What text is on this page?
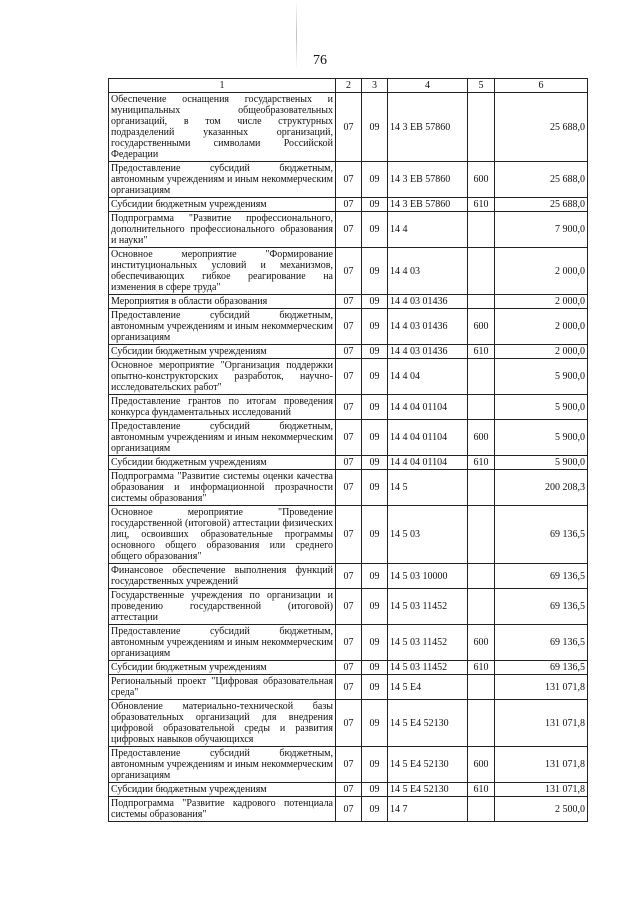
76
1	2	3	4	5	6
Обеспечение оснащения государственых и муниципальных общеобразовательных организаций, в том числе структурных подразделений указанных организаций, государственными символами Российской Федерации	07	09	14 3 ЕВ 57860		25 688,0
Предоставление субсидий бюджетным, автономным учреждениям и иным некоммерческим организациям	07	09	14 3 ЕВ 57860	600	25 688,0
Субсидии бюджетным учреждениям	07	09	14 3 ЕВ 57860	610	25 688,0
Подпрограмма "Развитие профессионального, дополнительного профессионального образования и науки"	07	09	14 4		7 900,0
Основное мероприятие "Формирование институциональных условий и механизмов, обеспечивающих гибкое реагирование на изменения в сфере труда"	07	09	14 4 03		2 000,0
Мероприятия в области образования	07	09	14 4 03 01436		2 000,0
Предоставление субсидий бюджетным, автономным учреждениям и иным некоммерческим организациям	07	09	14 4 03 01436	600	2 000,0
Субсидии бюджетным учреждениям	07	09	14 4 03 01436	610	2 000,0
Основное мероприятие "Организация поддержки опытно-конструкторских разработок, научно-исследовательских работ"	07	09	14 4 04		5 900,0
Предоставление грантов по итогам проведения конкурса фундаментальных исследований	07	09	14 4 04 01104		5 900,0
Предоставление субсидий бюджетным, автономным учреждениям и иным некоммерческим организациям	07	09	14 4 04 01104	600	5 900,0
Субсидии бюджетным учреждениям	07	09	14 4 04 01104	610	5 900,0
Подпрограмма "Развитие системы оценки качества образования и информационной прозрачности системы образования"	07	09	14 5		200 208,3
Основное мероприятие "Проведение государственной (итоговой) аттестации физических лиц, освоивших образовательные программы основного общего образования или среднего общего образования"	07	09	14 5 03		69 136,5
Финансовое обеспечение выполнения функций государственных учреждений	07	09	14 5 03 10000		69 136,5
Государственные учреждения по организации и проведению государственной (итоговой) аттестации	07	09	14 5 03 11452		69 136,5
Предоставление субсидий бюджетным, автономным учреждениям и иным некоммерческим организациям	07	09	14 5 03 11452	600	69 136,5
Субсидии бюджетным учреждениям	07	09	14 5 03 11452	610	69 136,5
Региональный проект "Цифровая образовательная среда"	07	09	14 5 Е4		131 071,8
Обновление материально-технической базы образовательных организаций для внедрения цифровой образовательной среды и развития цифровых навыков обучающихся	07	09	14 5 Е4 52130		131 071,8
Предоставление субсидий бюджетным, автономным учреждениям и иным некоммерческим организациям	07	09	14 5 Е4 52130	600	131 071,8
Субсидии бюджетным учреждениям	07	09	14 5 Е4 52130	610	131 071,8
Подпрограмма "Развитие кадрового потенциала системы образования"	07	09	14 7		2 500,0
